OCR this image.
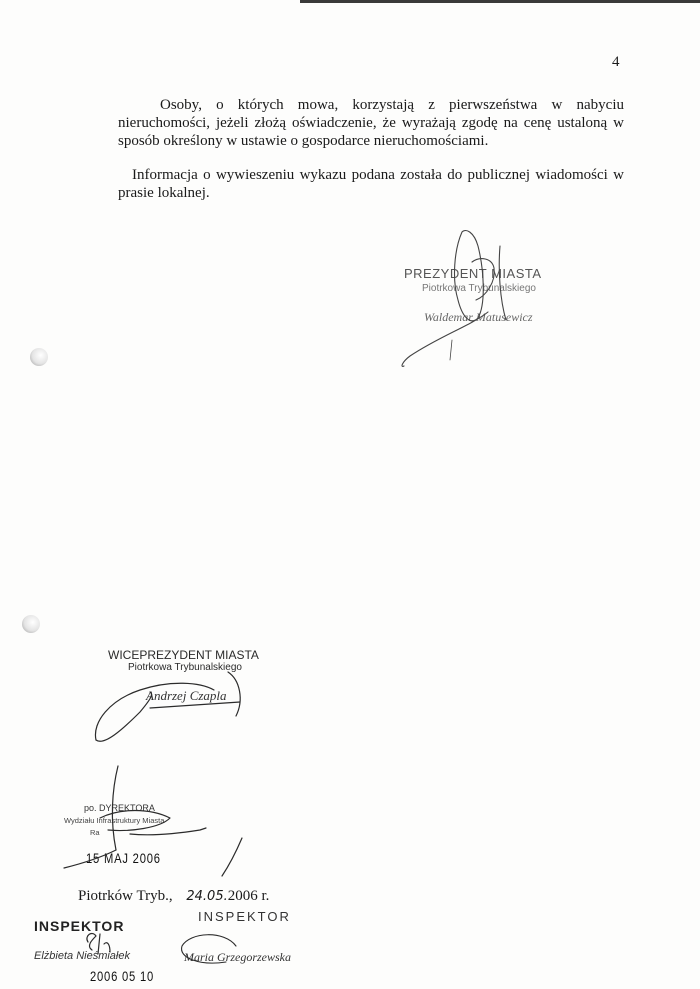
4

Osoby, o których mowa, korzystają z pierwszeństwa w nabyciu nieruchomości, jeżeli złożą oświadczenie, że wyrażają zgodę na cenę ustaloną w sposób określony w ustawie o gospodarce nieruchomościami.

Informacja o wywieszeniu wykazu podana została do publicznej wiadomości w prasie lokalnej.

PREZYDENT MIASTA
Piotrkowa Trybunalskiego
Waldemar Matusewicz
WICEPREZYDENT MIASTA
Piotrkowa Trybunalskiego
Andrzej Czapla
po. DYREKTORA
Wydziału Infrastruktury Miasta
Ra
15 MAJ 2006
Piotrków Tryb., 24.05.2006 r.
INSPEKTOR
Elżbieta Nieśmiałek
2006 05 10
INSPEKTOR
Maria Grzegorzewska
